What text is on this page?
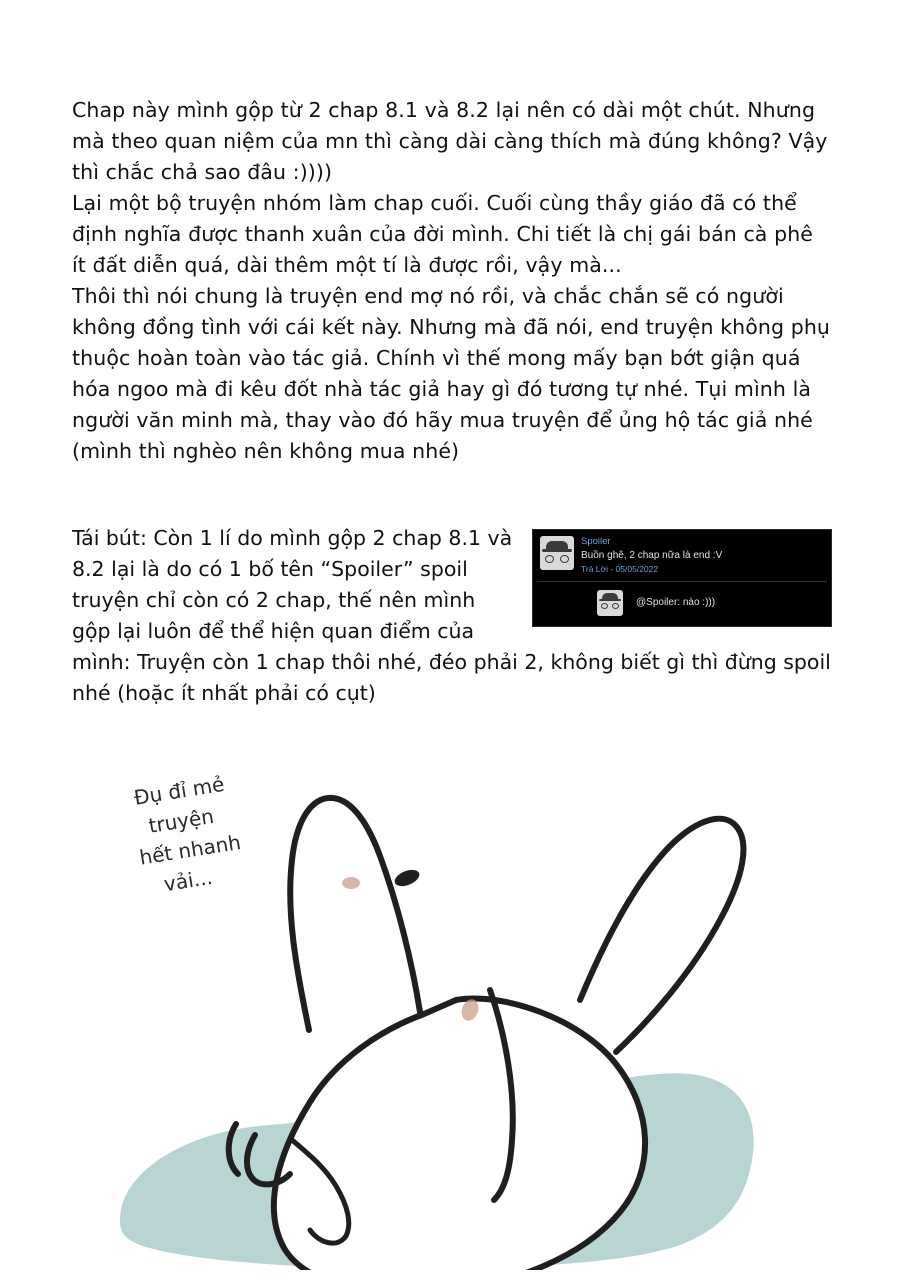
Chap này mình gộp từ 2 chap 8.1 và 8.2 lại nên có dài một chút. Nhưng mà theo quan niệm của mn thì càng dài càng thích mà đúng không? Vậy thì chắc chả sao đâu :))))

Lại một bộ truyện nhóm làm chap cuối. Cuối cùng thầy giáo đã có thể định nghĩa được thanh xuân của đời mình. Chi tiết là chị gái bán cà phê ít đất diễn quá, dài thêm một tí là được rồi, vậy mà...

Thôi thì nói chung là truyện end mợ nó rồi, và chắc chắn sẽ có người không đồng tình với cái kết này. Nhưng mà đã nói, end truyện không phụ thuộc hoàn toàn vào tác giả. Chính vì thế mong mấy bạn bớt giận quá hóa ngoo mà đi kêu đốt nhà tác giả hay gì đó tương tự nhé. Tụi mình là người văn minh mà, thay vào đó hãy mua truyện để ủng hộ tác giả nhé (mình thì nghèo nên không mua nhé)

Spoiler
Buồn ghê, 2 chap nữa là end :V
Trả Lời - 05/05/2022
@Spoiler: nào :)))
Tái bút: Còn 1 lí do mình gộp 2 chap 8.1 và 8.2 lại là do có 1 bố tên “Spoiler” spoil truyện chỉ còn có 2 chap, thế nên mình gộp lại luôn để thể hiện quan điểm của mình: Truyện còn 1 chap thôi nhé, đéo phải 2, không biết gì thì đừng spoil nhé (hoặc ít nhất phải có cụt)
Đụ đỉ mẻ
truyện
hết nhanh
vải...
